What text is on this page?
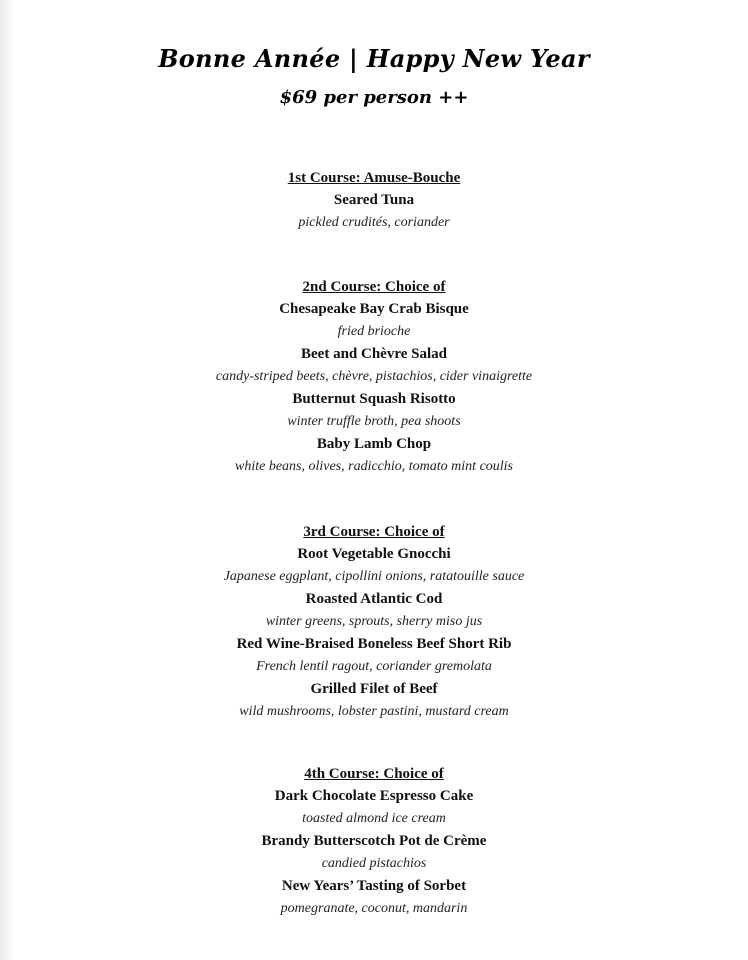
Bonne Année | Happy New Year
$69 per person ++
1st Course: Amuse-Bouche
Seared Tuna
pickled crudités, coriander
2nd Course: Choice of
Chesapeake Bay Crab Bisque
fried brioche
Beet and Chèvre Salad
candy-striped beets, chèvre, pistachios, cider vinaigrette
Butternut Squash Risotto
winter truffle broth, pea shoots
Baby Lamb Chop
white beans, olives, radicchio, tomato mint coulis
3rd Course: Choice of
Root Vegetable Gnocchi
Japanese eggplant, cipollini onions, ratatouille sauce
Roasted Atlantic Cod
winter greens, sprouts, sherry miso jus
Red Wine-Braised Boneless Beef Short Rib
French lentil ragout, coriander gremolata
Grilled Filet of Beef
wild mushrooms, lobster pastini, mustard cream
4th Course: Choice of
Dark Chocolate Espresso Cake
toasted almond ice cream
Brandy Butterscotch Pot de Crème
candied pistachios
New Years’ Tasting of Sorbet
pomegranate, coconut, mandarin
